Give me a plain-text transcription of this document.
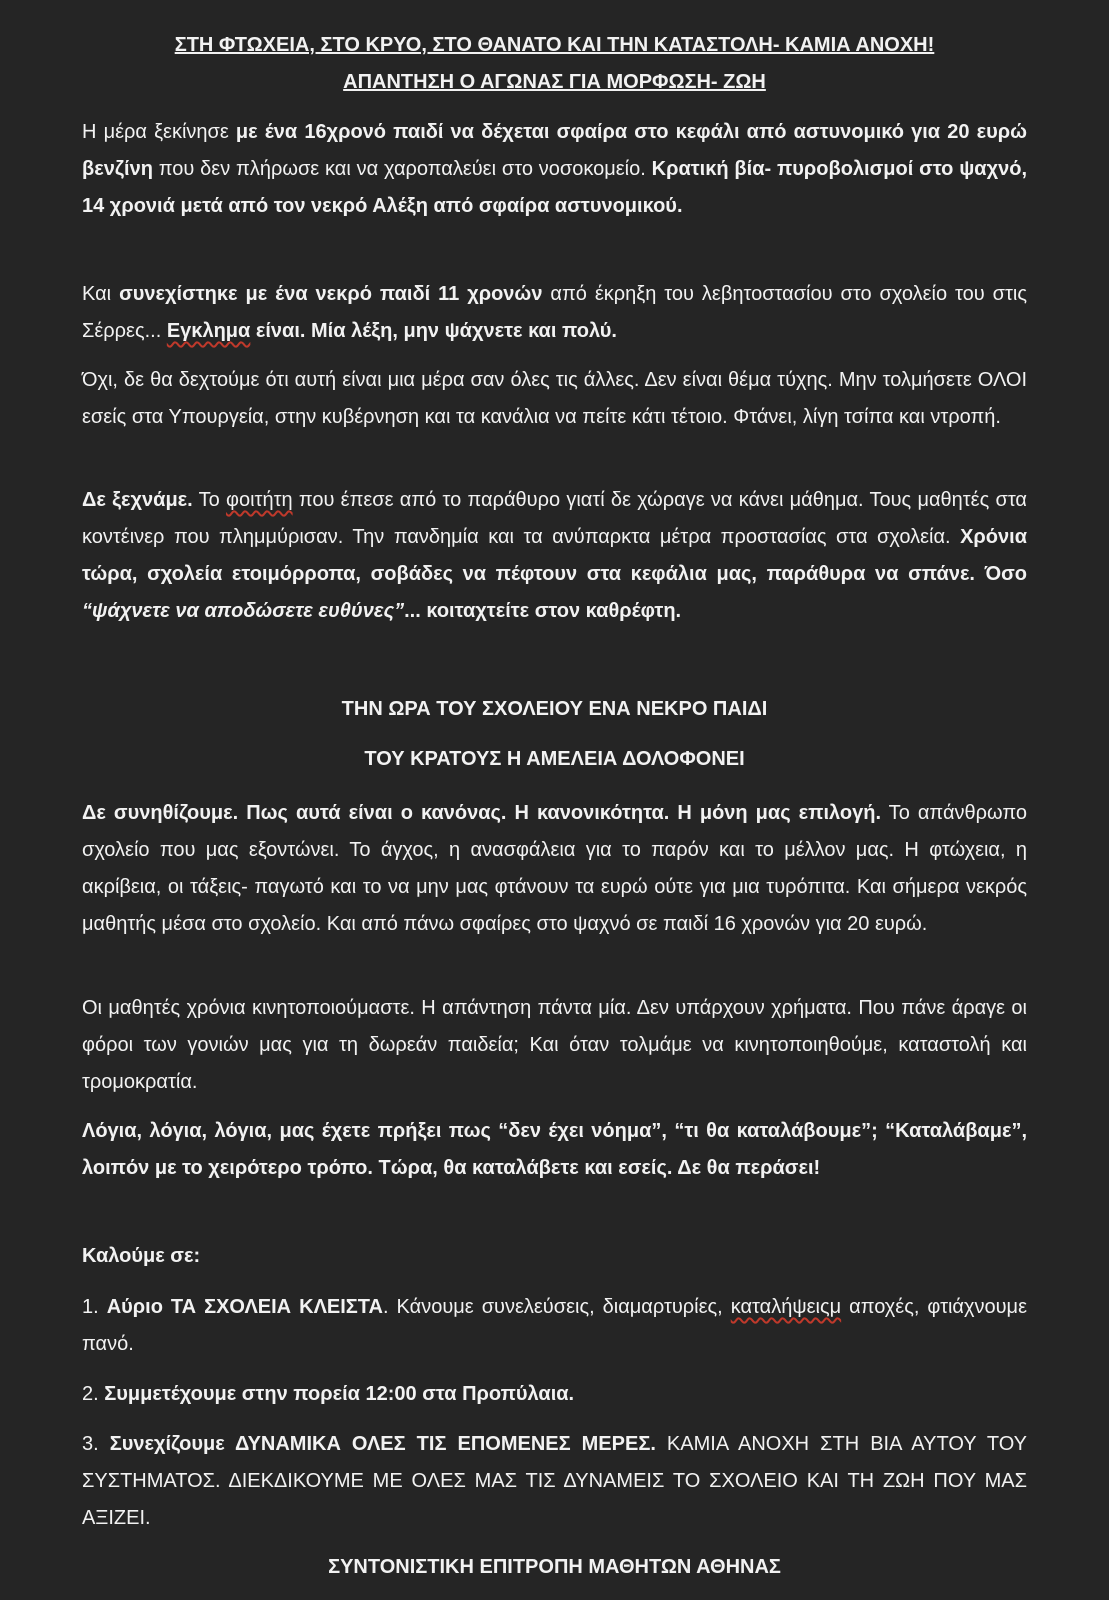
ΣΤΗ ΦΤΩΧΕΙΑ, ΣΤΟ ΚΡΥΟ, ΣΤΟ ΘΑΝΑΤΟ ΚΑΙ ΤΗΝ ΚΑΤΑΣΤΟΛΗ- ΚΑΜΙΑ ΑΝΟΧΗ!

ΑΠΑΝΤΗΣΗ Ο ΑΓΩΝΑΣ ΓΙΑ ΜΟΡΦΩΣΗ- ΖΩΗ

Η μέρα ξεκίνησε με ένα 16χρονό παιδί να δέχεται σφαίρα στο κεφάλι από αστυνομικό για 20 ευρώ βενζίνη που δεν πλήρωσε και να χαροπαλεύει στο νοσοκομείο. Κρατική βία- πυροβολισμοί στο ψαχνό, 14 χρονιά μετά από τον νεκρό Αλέξη από σφαίρα αστυνομικού.

Και συνεχίστηκε με ένα νεκρό παιδί 11 χρονών από έκρηξη του λεβητοστασίου στο σχολείο του στις Σέρρες... Εγκλημα είναι. Μία λέξη, μην ψάχνετε και πολύ.

Όχι, δε θα δεχτούμε ότι αυτή είναι μια μέρα σαν όλες τις άλλες. Δεν είναι θέμα τύχης. Μην τολμήσετε ΟΛΟΙ εσείς στα Υπουργεία, στην κυβέρνηση και τα κανάλια να πείτε κάτι τέτοιο. Φτάνει, λίγη τσίπα και ντροπή.

Δε ξεχνάμε. Το φοιτήτη που έπεσε από το παράθυρο γιατί δε χώραγε να κάνει μάθημα. Τους μαθητές στα κοντέινερ που πλημμύρισαν. Την πανδημία και τα ανύπαρκτα μέτρα προστασίας στα σχολεία. Χρόνια τώρα, σχολεία ετοιμόρροπα, σοβάδες να πέφτουν στα κεφάλια μας, παράθυρα να σπάνε. Όσο “ψάχνετε να αποδώσετε ευθύνες”... κοιταχτείτε στον καθρέφτη.

ΤΗΝ ΩΡΑ ΤΟΥ ΣΧΟΛΕΙΟΥ ΕΝΑ ΝΕΚΡΟ ΠΑΙΔΙ

ΤΟΥ ΚΡΑΤΟΥΣ Η ΑΜΕΛΕΙΑ ΔΟΛΟΦΟΝΕΙ

Δε συνηθίζουμε. Πως αυτά είναι ο κανόνας. Η κανονικότητα. Η μόνη μας επιλογή. Το απάνθρωπο σχολείο που μας εξοντώνει. Το άγχος, η ανασφάλεια για το παρόν και το μέλλον μας. Η φτώχεια, η ακρίβεια, οι τάξεις- παγωτό και το να μην μας φτάνουν τα ευρώ ούτε για μια τυρόπιτα. Και σήμερα νεκρός μαθητής μέσα στο σχολείο. Και από πάνω σφαίρες στο ψαχνό σε παιδί 16 χρονών για 20 ευρώ.

Οι μαθητές χρόνια κινητοποιούμαστε. Η απάντηση πάντα μία. Δεν υπάρχουν χρήματα. Που πάνε άραγε οι φόροι των γονιών μας για τη δωρεάν παιδεία; Και όταν τολμάμε να κινητοποιηθούμε, καταστολή και τρομοκρατία.

Λόγια, λόγια, λόγια, μας έχετε πρήξει πως “δεν έχει νόημα”, “τι θα καταλάβουμε”; “Καταλάβαμε”, λοιπόν με το χειρότερο τρόπο. Τώρα, θα καταλάβετε και εσείς. Δε θα περάσει!

Καλούμε σε:

1. Αύριο ΤΑ ΣΧΟΛΕΙΑ ΚΛΕΙΣΤΑ. Κάνουμε συνελεύσεις, διαμαρτυρίες, καταλήψειςμ αποχές, φτιάχνουμε πανό.

2. Συμμετέχουμε στην πορεία 12:00 στα Προπύλαια.

3. Συνεχίζουμε ΔΥΝΑΜΙΚΑ ΟΛΕΣ ΤΙΣ ΕΠΟΜΕΝΕΣ ΜΕΡΕΣ. ΚΑΜΙΑ ΑΝΟΧΗ ΣΤΗ ΒΙΑ ΑΥΤΟΥ ΤΟΥ ΣΥΣΤΗΜΑΤΟΣ. ΔΙΕΚΔΙΚΟΥΜΕ ΜΕ ΟΛΕΣ ΜΑΣ ΤΙΣ ΔΥΝΑΜΕΙΣ ΤΟ ΣΧΟΛΕΙΟ ΚΑΙ ΤΗ ΖΩΗ ΠΟΥ ΜΑΣ ΑΞΙΖΕΙ.

ΣΥΝΤΟΝΙΣΤΙΚΗ ΕΠΙΤΡΟΠΗ ΜΑΘΗΤΩΝ ΑΘΗΝΑΣ
